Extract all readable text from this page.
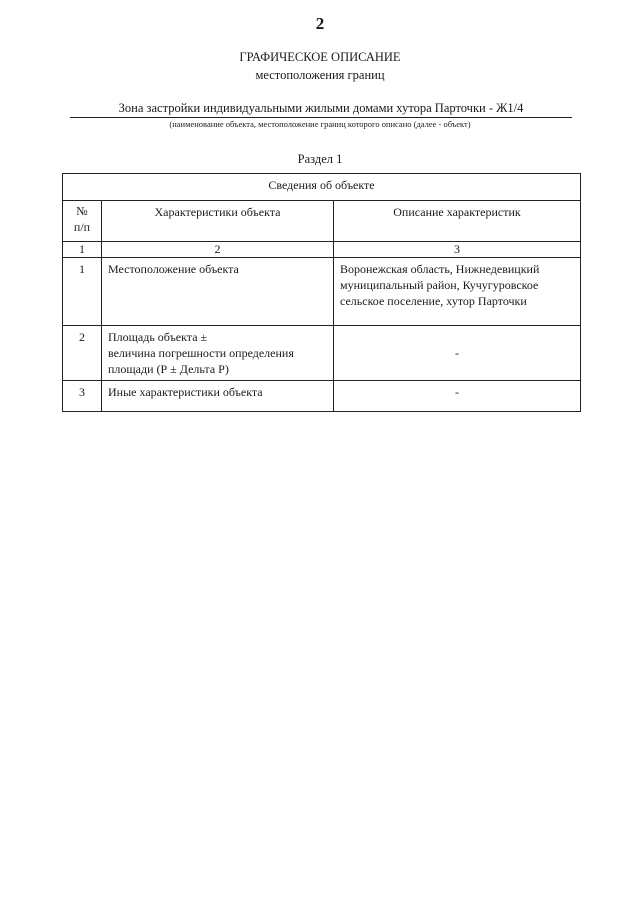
2
ГРАФИЧЕСКОЕ ОПИСАНИЕ
местоположения границ
Зона застройки индивидуальными жилыми домами хутора Парточки - Ж1/4
(наименование объекта, местоположение границ которого описано (далее - объект)
Раздел 1
Сведения об объекте		

№
п/п	Характеристики объекта	Описание характеристик

1	2	3

1	Местоположение объекта	Воронежская область, Нижнедевицкий
муниципальный район, Кучугуровское
сельское поселение, хутор Парточки

2	Площадь объекта ±
величина погрешности определения
площади (Р ± Дельта Р)	-

3	Иные характеристики объекта	-
